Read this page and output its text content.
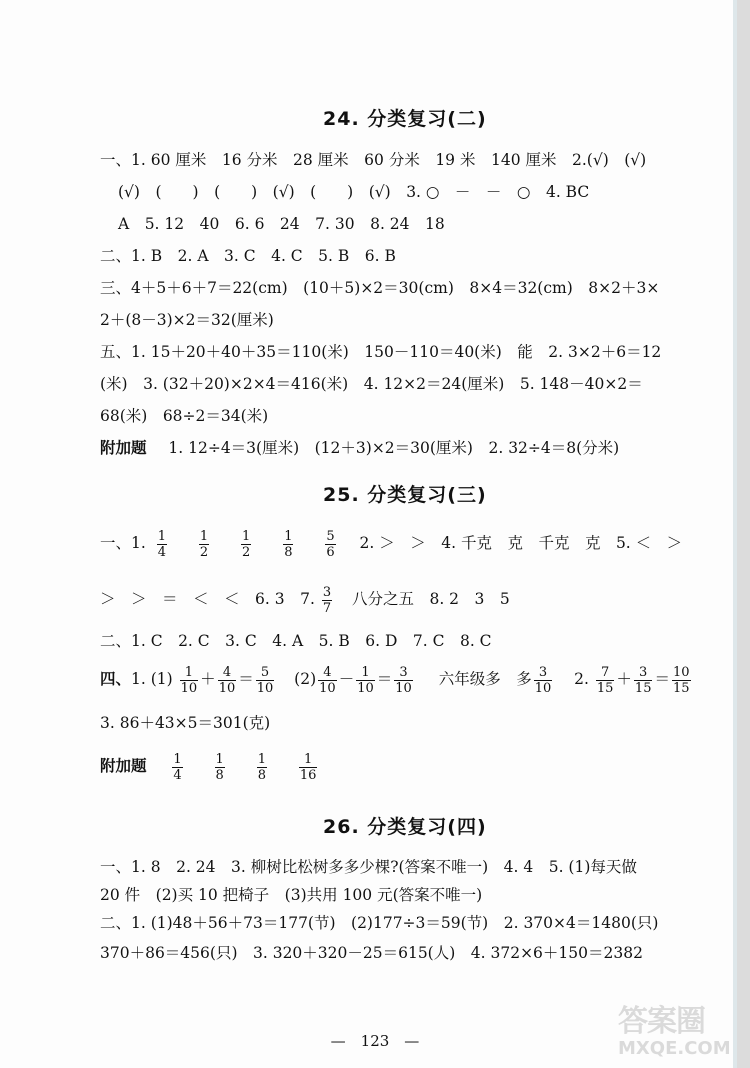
24. 分类复习(二)
一、1. 60 厘米　16 分米　28 厘米　60 分米　19 米　140 厘米　2.(√)　(√)
(√)　(　　)　(　　)　(√)　(　　)　(√)　3. ○　－　－　○　4. BC
A　5. 12　40　6. 6　24　7. 30　8. 24　18
二、1. B　2. A　3. C　4. C　5. B　6. B
三、4＋5＋6＋7＝22(cm)　(10＋5)×2＝30(cm)　8×4＝32(cm)　8×2＋3×
2＋(8－3)×2＝32(厘米)
五、1. 15＋20＋40＋35＝110(米)　150－110＝40(米)　能　2. 3×2＋6＝12
(米)　3. (32＋20)×2×4＝416(米)　4. 12×2＝24(厘米)　5. 148－40×2＝
68(米)　68÷2＝34(米)
附加题 1. 12÷4＝3(厘米)　(12＋3)×2＝30(厘米)　2. 32÷4＝8(分米)
25. 分类复习(三)
一、1. $\frac{1}{4}$
$\frac{1}{2}$
$\frac{1}{2}$
$\frac{1}{8}$
$\frac{5}{6} 2$. ＞　＞　4. 千克　克　千克　克　5. ＜　＞
＞　＞　＝　＜　＜　6. 3　7. $\frac{3}{7}$ 八分之五　8. 2　3　5
二、1. C　2. C　3. C　4. A　5. B　6. D　7. C　8. C
四、1. $(1) \frac{1}{10} + \frac{4}{10} = \frac{5}{10} (2) \frac{4}{10} - \frac{1}{10} = \frac{3}{10}$ 六年级多　多 $\frac{3}{10} 2$. $\frac{7}{15} + \frac{3}{15} = \frac{10}{15}$
3. 86＋43×5＝301(克)
附加题 $\frac{1}{4}$
$\frac{1}{8}$
$\frac{1}{8}$
$\frac{1}{16}$
26. 分类复习(四)
一、1. 8　2. 24　3. 柳树比松树多多少棵?(答案不唯一)　4. 4　5. (1)每天做
20 件　(2)买 10 把椅子　(3)共用 100 元(答案不唯一)
二、1. (1)48＋56＋73＝177(节)　(2)177÷3＝59(节)　2. 370×4＝1480(只)
370＋86＝456(只)　3. 320＋320－25＝615(人)　4. 372×6＋150＝2382
—　123　—
答案圈
MXQE.COM
